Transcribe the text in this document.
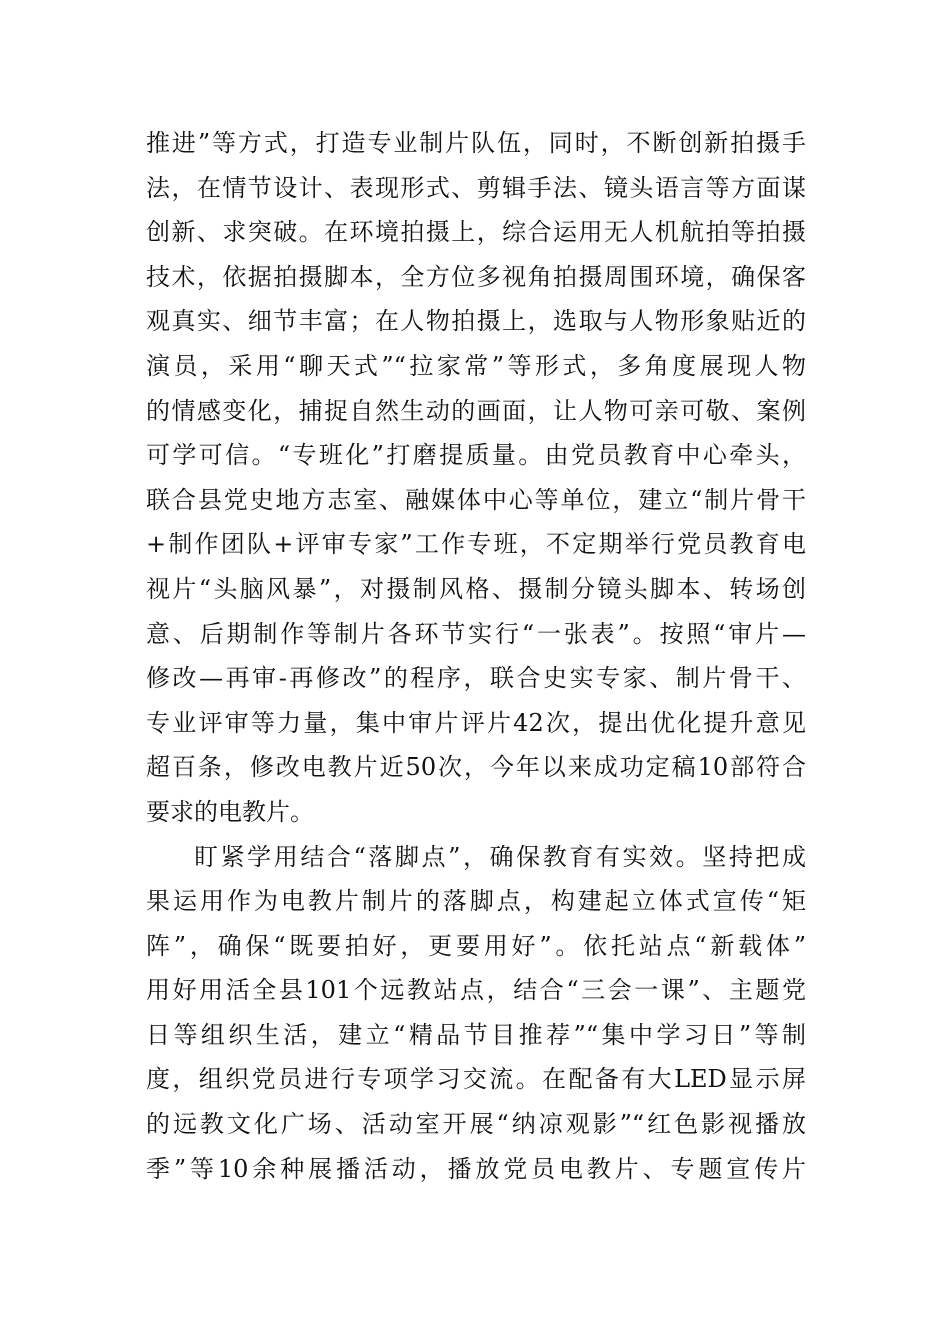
推进”等方式，打造专业制片队伍，同时，不断创新拍摄手
法，在情节设计、表现形式、剪辑手法、镜头语言等方面谋
创新、求突破。在环境拍摄上，综合运用无人机航拍等拍摄
技术，依据拍摄脚本，全方位多视角拍摄周围环境，确保客
观真实、细节丰富；在人物拍摄上，选取与人物形象贴近的
演员，采用“聊天式”“拉家常”等形式，多角度展现人物
的情感变化，捕捉自然生动的画面，让人物可亲可敬、案例
可学可信。“专班化”打磨提质量。由党员教育中心牵头，
联合县党史地方志室、融媒体中心等单位，建立“制片骨干
+制作团队+评审专家”工作专班，不定期举行党员教育电
视片“头脑风暴”，对摄制风格、摄制分镜头脚本、转场创
意、后期制作等制片各环节实行“一张表”。按照“审片—
修改—再审-再修改”的程序，联合史实专家、制片骨干、
专业评审等力量，集中审片评片42次，提出优化提升意见
超百条，修改电教片近50次，今年以来成功定稿10部符合
要求的电教片。
盯紧学用结合“落脚点”，确保教育有实效。坚持把成
果运用作为电教片制片的落脚点，构建起立体式宣传“矩
阵”，确保“既要拍好，更要用好”。依托站点“新载体”
用好用活全县101个远教站点，结合“三会一课”、主题党
日等组织生活，建立“精品节目推荐”“集中学习日”等制
度，组织党员进行专项学习交流。在配备有大LED显示屏
的远教文化广场、活动室开展“纳凉观影”“红色影视播放
季”等10余种展播活动，播放党员电教片、专题宣传片
